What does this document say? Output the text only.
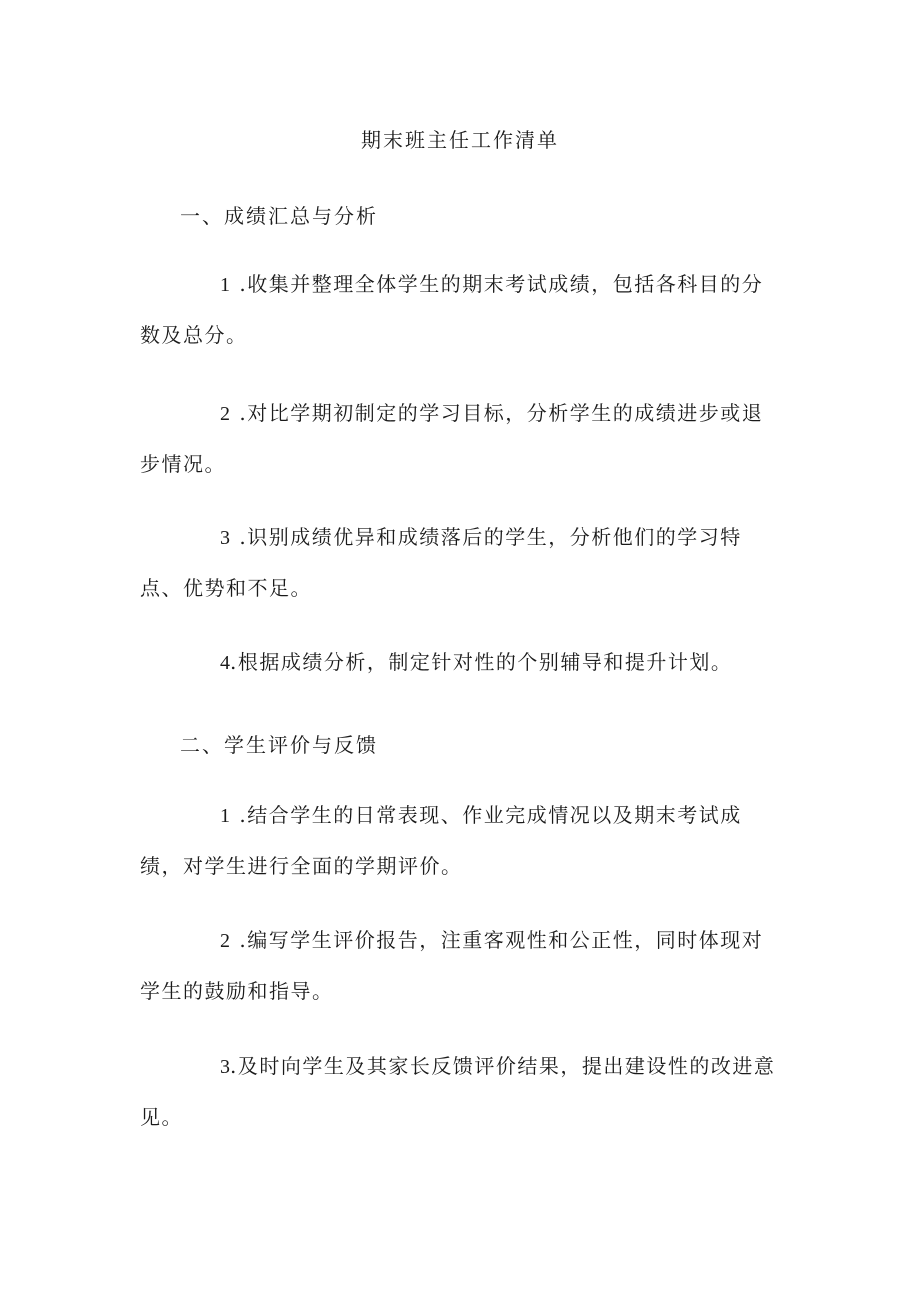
期末班主任工作清单
一、成绩汇总与分析

1 .收集并整理全体学生的期末考试成绩，包括各科目的分数及总分。

2 .对比学期初制定的学习目标，分析学生的成绩进步或退步情况。

3 .识别成绩优异和成绩落后的学生，分析他们的学习特点、优势和不足。

4.根据成绩分析，制定针对性的个别辅导和提升计划。

二、学生评价与反馈

1 .结合学生的日常表现、作业完成情况以及期末考试成绩，对学生进行全面的学期评价。

2 .编写学生评价报告，注重客观性和公正性，同时体现对学生的鼓励和指导。

3.及时向学生及其家长反馈评价结果，提出建设性的改进意见。
